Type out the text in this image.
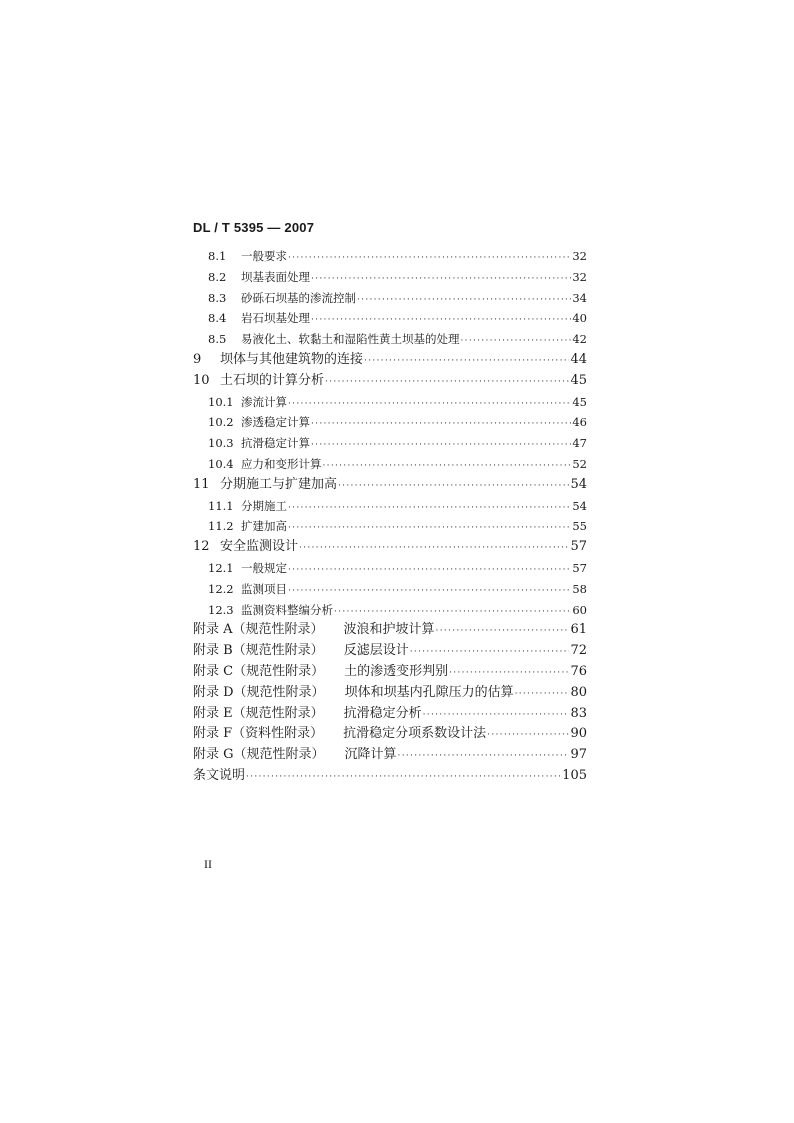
DL / T 5395 — 2007
8.1	一般要求 ·····	32
8.2	坝基表面处理 ·····	32
8.3	砂砾石坝基的渗流控制 ·····	34
8.4	岩石坝基处理 ·····	40
8.5	易液化土、软黏土和湿陷性黄土坝基的处理 ·····	42
9	坝体与其他建筑物的连接 ·····	44
10 土石坝的计算分析 ·····	45
10.1 渗流计算 ·····	45
10.2 渗透稳定计算 ·····	46
10.3 抗滑稳定计算 ·····	47
10.4 应力和变形计算 ·····	52
11 分期施工与扩建加高 ·····	54
11.1 分期施工 ·····	54
11.2 扩建加高 ·····	55
12 安全监测设计 ·····	57
12.1 一般规定 ·····	57
12.2 监测项目 ·····	58
12.3 监测资料整编分析 ·····	60
附录 A（规范性附录）	波浪和护坡计算 ·····	61
附录 B（规范性附录）	反滤层设计 ·····	72
附录 C（规范性附录）	土的渗透变形判别 ·····	76
附录 D（规范性附录）	坝体和坝基内孔隙压力的估算 ·····	80
附录 E（规范性附录）	抗滑稳定分析 ·····	83
附录 F（资料性附录）	抗滑稳定分项系数设计法 ·····	90
附录 G（规范性附录）	沉降计算 ·····	97
条文说明 ·····	105
II
